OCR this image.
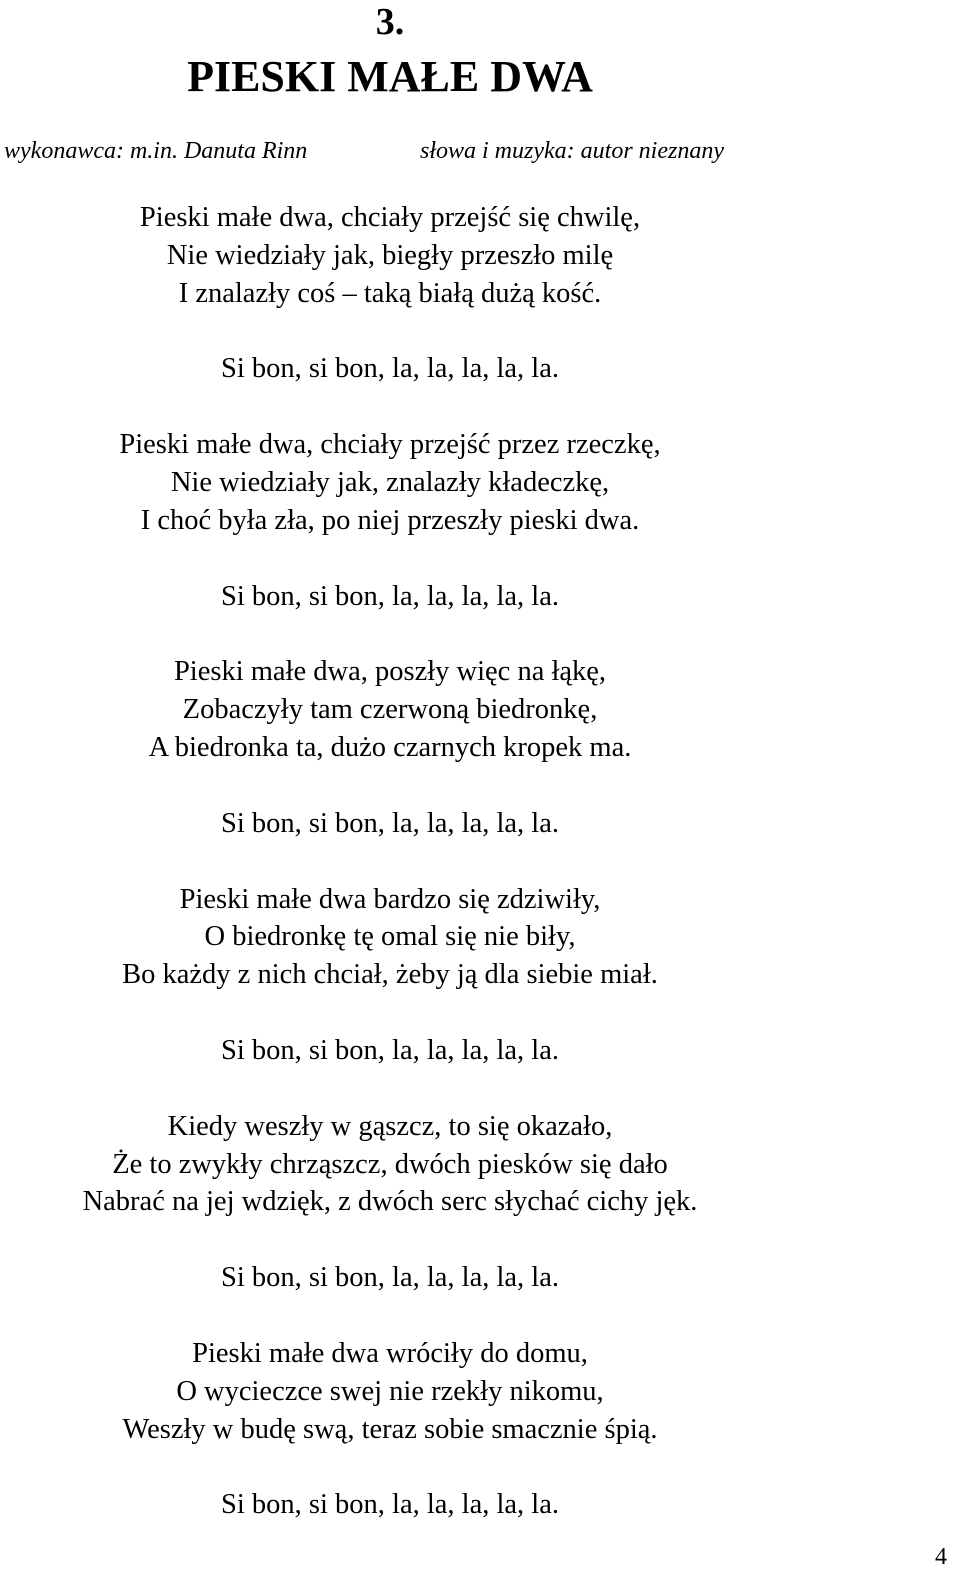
3.
PIESKI MAŁE DWA
wykonawca: m.in. Danuta Rinn	słowa i muzyka: autor nieznany
Pieski małe dwa, chciały przejść się chwilę,
Nie wiedziały jak, biegły przeszło milę
I znalazły coś – taką białą dużą kość.
Si bon, si bon, la, la, la, la, la.
Pieski małe dwa, chciały przejść przez rzeczkę,
Nie wiedziały jak, znalazły kładeczkę,
I choć była zła, po niej przeszły pieski dwa.
Si bon, si bon, la, la, la, la, la.
Pieski małe dwa, poszły więc na łąkę,
Zobaczyły tam czerwoną biedronkę,
A biedronka ta, dużo czarnych kropek ma.
Si bon, si bon, la, la, la, la, la.
Pieski małe dwa bardzo się zdziwiły,
O biedronkę tę omal się nie biły,
Bo każdy z nich chciał, żeby ją dla siebie miał.
Si bon, si bon, la, la, la, la, la.
Kiedy weszły w gąszcz, to się okazało,
Że to zwykły chrząszcz, dwóch piesków się dało
Nabrać na jej wdzięk, z dwóch serc słychać cichy jęk.
Si bon, si bon, la, la, la, la, la.
Pieski małe dwa wróciły do domu,
O wycieczce swej nie rzekły nikomu,
Weszły w budę swą, teraz sobie smacznie śpią.
Si bon, si bon, la, la, la, la, la.
4
